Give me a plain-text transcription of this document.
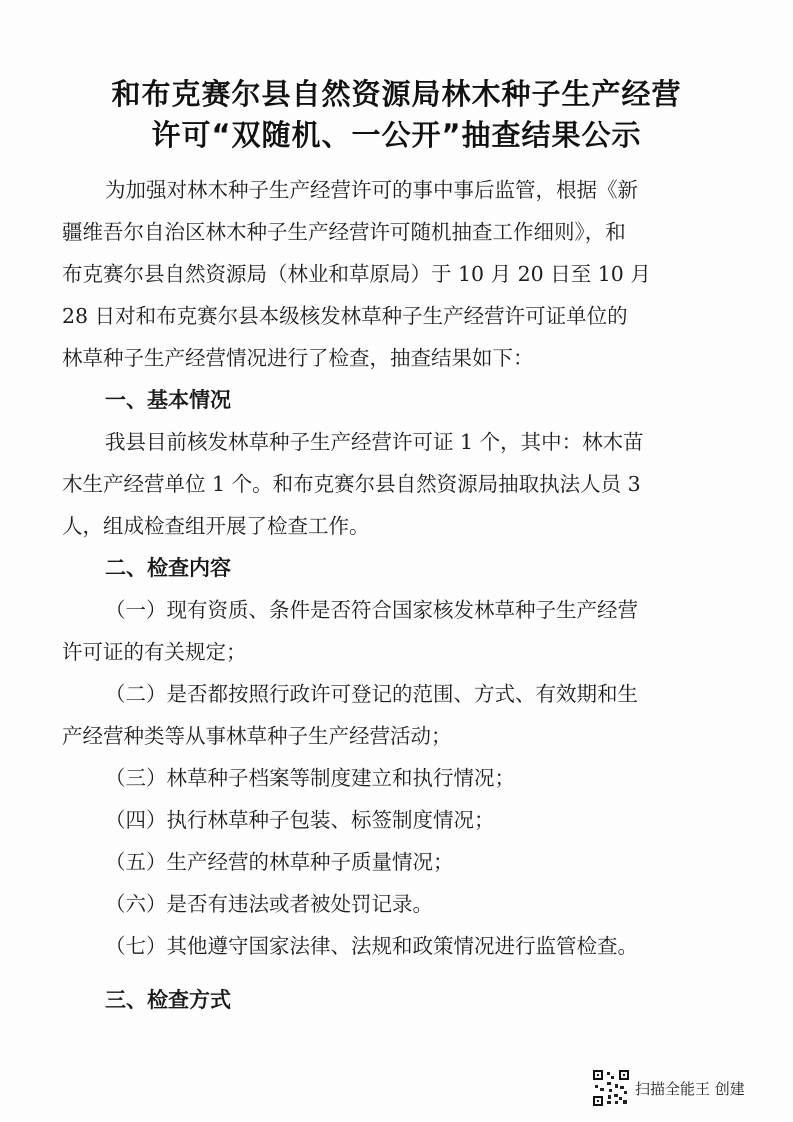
和布克赛尔县自然资源局林木种子生产经营
许可“双随机、一公开”抽查结果公示
为加强对林木种子生产经营许可的事中事后监管，根据《新
疆维吾尔自治区林木种子生产经营许可随机抽查工作细则》，和
布克赛尔县自然资源局（林业和草原局）于 10 月 20 日至 10 月
28 日对和布克赛尔县本级核发林草种子生产经营许可证单位的
林草种子生产经营情况进行了检查，抽查结果如下：
一、基本情况
我县目前核发林草种子生产经营许可证 1 个，其中：林木苗
木生产经营单位 1 个。和布克赛尔县自然资源局抽取执法人员 3
人，组成检查组开展了检查工作。
二、检查内容
（一）现有资质、条件是否符合国家核发林草种子生产经营
许可证的有关规定；
（二）是否都按照行政许可登记的范围、方式、有效期和生
产经营种类等从事林草种子生产经营活动；
（三）林草种子档案等制度建立和执行情况；
（四）执行林草种子包装、标签制度情况；
（五）生产经营的林草种子质量情况；
（六）是否有违法或者被处罚记录。
（七）其他遵守国家法律、法规和政策情况进行监管检查。
三、检查方式
扫描全能王 创建
